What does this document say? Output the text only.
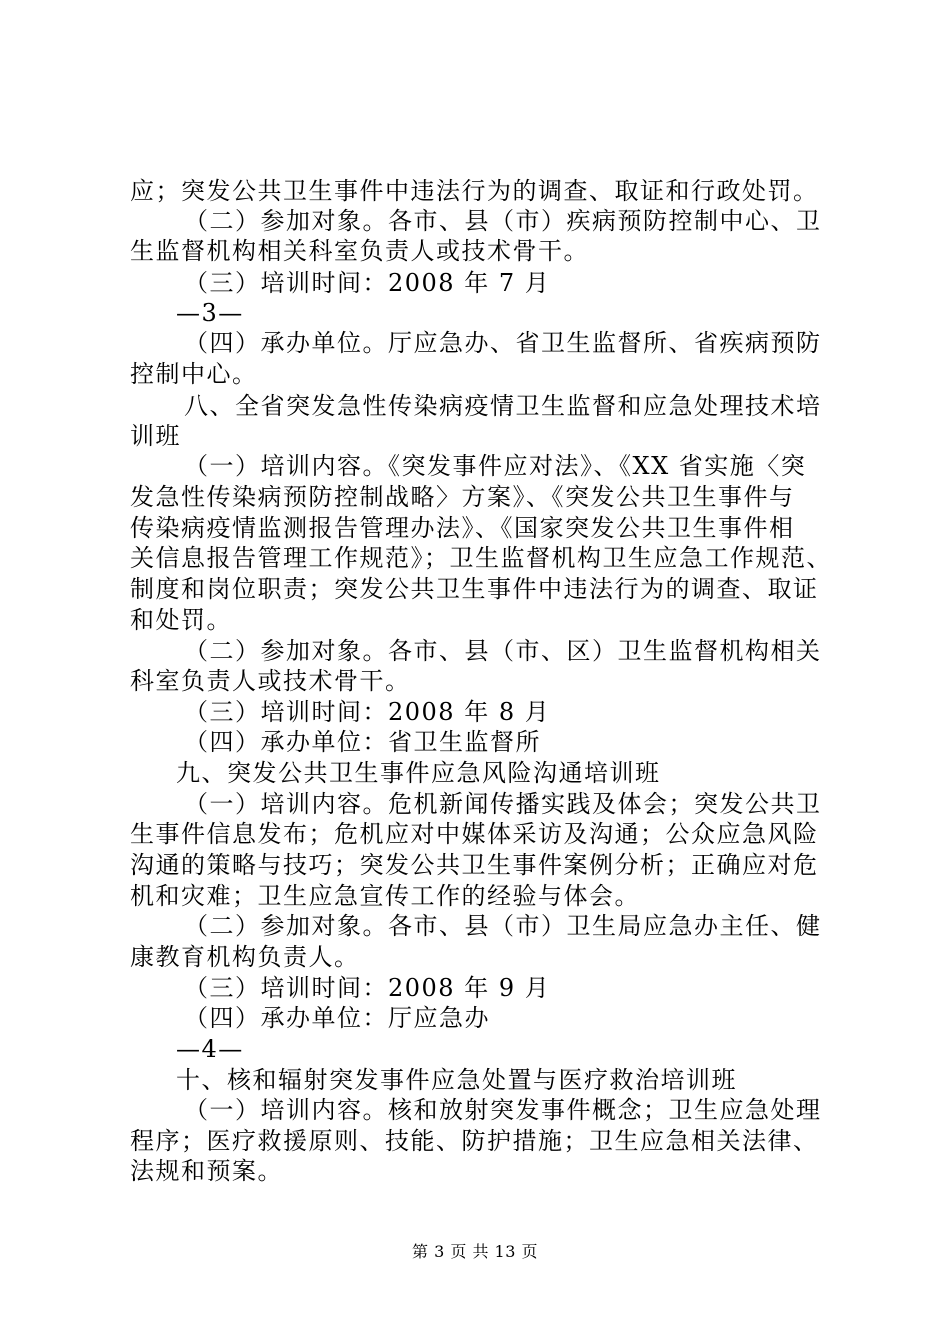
应；突发公共卫生事件中违法行为的调查、取证和行政处罚。
（二）参加对象。各市、县（市）疾病预防控制中心、卫
生监督机构相关科室负责人或技术骨干。
（三）培训时间：2008 年 7 月
—3—
（四）承办单位。厅应急办、省卫生监督所、省疾病预防
控制中心。
八、全省突发急性传染病疫情卫生监督和应急处理技术培
训班
（一）培训内容。《突发事件应对法》、《XX 省实施〈突
发急性传染病预防控制战略〉方案》、《突发公共卫生事件与
传染病疫情监测报告管理办法》、《国家突发公共卫生事件相
关信息报告管理工作规范》；卫生监督机构卫生应急工作规范、
制度和岗位职责；突发公共卫生事件中违法行为的调查、取证
和处罚。
（二）参加对象。各市、县（市、区）卫生监督机构相关
科室负责人或技术骨干。
（三）培训时间：2008 年 8 月
（四）承办单位：省卫生监督所
九、突发公共卫生事件应急风险沟通培训班
（一）培训内容。危机新闻传播实践及体会；突发公共卫
生事件信息发布；危机应对中媒体采访及沟通；公众应急风险
沟通的策略与技巧；突发公共卫生事件案例分析；正确应对危
机和灾难；卫生应急宣传工作的经验与体会。
（二）参加对象。各市、县（市）卫生局应急办主任、健
康教育机构负责人。
（三）培训时间：2008 年 9 月
（四）承办单位：厅应急办
—4—
十、核和辐射突发事件应急处置与医疗救治培训班
（一）培训内容。核和放射突发事件概念；卫生应急处理
程序；医疗救援原则、技能、防护措施；卫生应急相关法律、
法规和预案。
第 3 页 共 13 页
